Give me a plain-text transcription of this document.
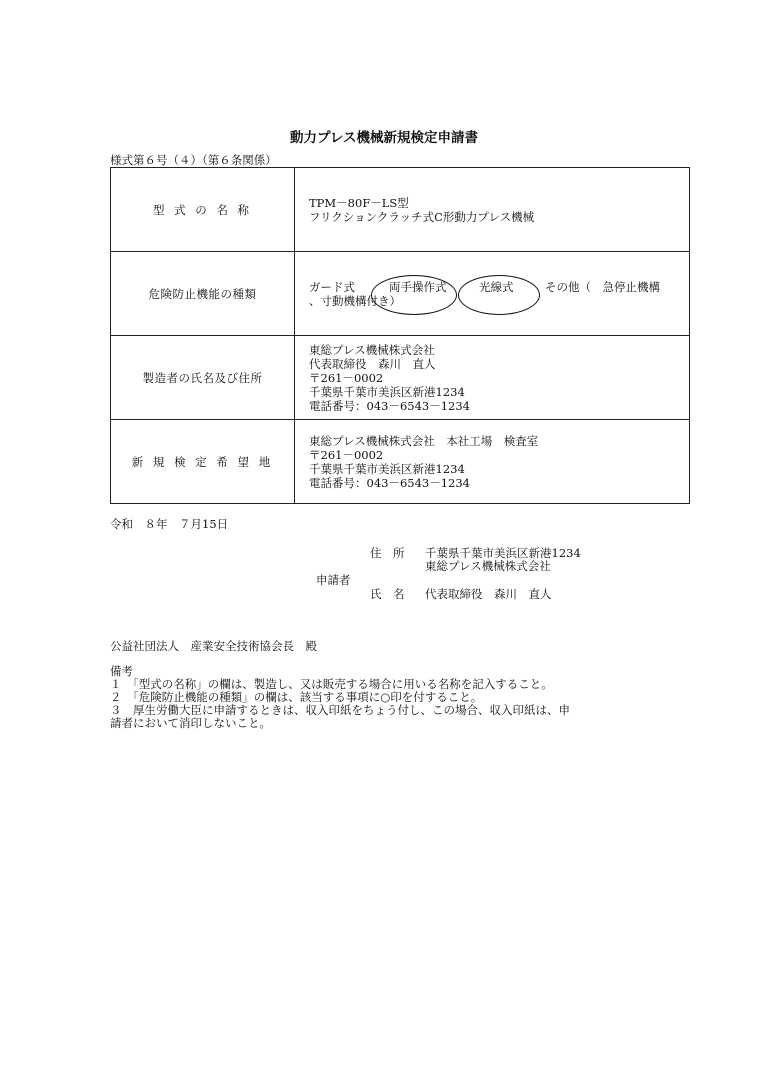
動力プレス機械新規検定申請書
様式第６号（４）（第６条関係）
型 式 の 名 称	TPM－80F－LS型
フリクションクラッチ式C形動力プレス機械

危険防止機能の種類	ガード式 両手操作式 光線式 その他（　急停止機構
、寸動機構付き）

製造者の氏名及び住所	東総プレス機械株式会社
代表取締役　森川　直人
〒261－0002
千葉県千葉市美浜区新港1234
電話番号：043－6543－1234

新 規 検 定 希 望 地	東総プレス機械株式会社　本社工場　検査室
〒261－0002
千葉県千葉市美浜区新港1234
電話番号：043－6543－1234
令和　８年　７月15日
住　所 千葉県千葉市美浜区新港1234
東総プレス機械株式会社
申請者
氏　名 代表取締役　森川　直人
公益社団法人　産業安全技術協会長　殿
備考
１　「型式の名称」の欄は、製造し、又は販売する場合に用いる名称を記入すること。
２　「危険防止機能の種類」の欄は、該当する事項に○印を付すること。
３　厚生労働大臣に申請するときは、収入印紙をちょう付し、この場合、収入印紙は、申
請者において消印しないこと。
